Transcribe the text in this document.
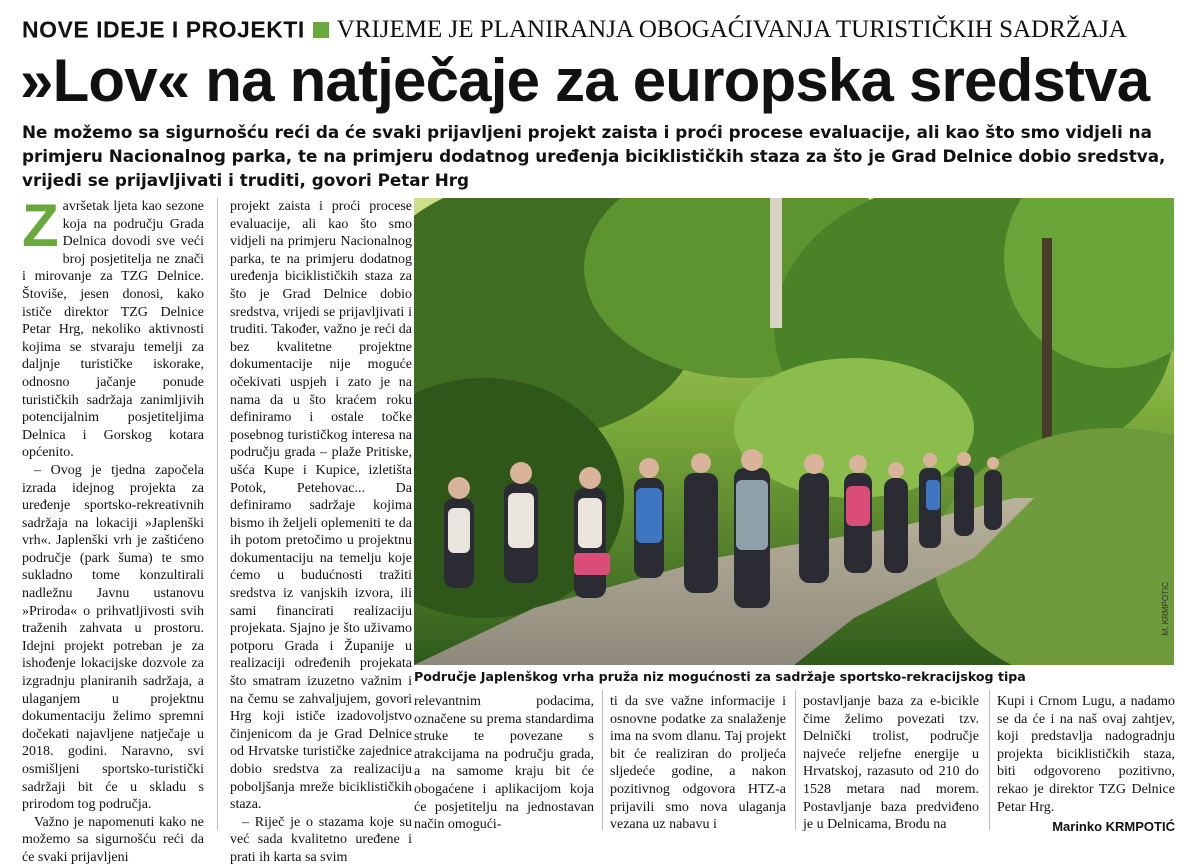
NOVE IDEJE I PROJEKTI VRIJEME JE PLANIRANJA OBOGAĆIVANJA TURISTIČKIH SADRŽAJA
»Lov« na natječaje za europska sredstva
Ne možemo sa sigurnošću reći da će svaki prijavljeni projekt zaista i proći procese evaluacije, ali kao što smo vidjeli na primjeru Nacionalnog parka, te na primjeru dodatnog uređenja biciklističkih staza za što je Grad Delnice dobio sredstva, vrijedi se prijavljivati i truditi, govori Petar Hrg

Završetak ljeta kao sezone koja na području Grada Delnica dovodi sve veći broj posjetitelja ne znači i mirovanje za TZG Delnice. Štoviše, jesen donosi, kako ističe direktor TZG Delnice Petar Hrg, nekoliko aktivnosti kojima se stvaraju temelji za daljnje turističke iskorake, odnosno jačanje ponude turističkih sadržaja zanimljivih potencijalnim posjetiteljima Delnica i Gorskog kotara općenito.

– Ovog je tjedna započela izrada idejnog projekta za uređenje sportsko-rekreativnih sadržaja na lokaciji »Japlenški vrh«. Japlenški vrh je zaštićeno područje (park šuma) te smo sukladno tome konzultirali nadležnu Javnu ustanovu »Priroda« o prihvatljivosti svih traženih zahvata u prostoru. Idejni projekt potreban je za ishođenje lokacijske dozvole za izgradnju planiranih sadržaja, a ulaganjem u projektnu dokumentaciju želimo spremni dočekati najavljene natječaje u 2018. godini. Naravno, svi osmišljeni sportsko-turistički sadržaji bit će u skladu s prirodom tog područja.

Važno je napomenuti kako ne možemo sa sigurnošću reći da će svaki prijavljeni

projekt zaista i proći procese evaluacije, ali kao što smo vidjeli na primjeru Nacionalnog parka, te na primjeru dodatnog uređenja biciklističkih staza za što je Grad Delnice dobio sredstva, vrijedi se prijavljivati i truditi. Također, važno je reći da bez kvalitetne projektne dokumentacije nije moguće očekivati uspjeh i zato je na nama da u što kraćem roku definiramo i ostale točke posebnog turističkog interesa na području grada – plaže Pritiske, ušća Kupe i Kupice, izletišta Potok, Petehovac... Da definiramo sadržaje kojima bismo ih željeli oplemeniti te da ih potom pretočimo u projektnu dokumentaciju na temelju koje ćemo u budućnosti tražiti sredstva iz vanjskih izvora, ili sami financirati realizaciju projekata. Sjajno je što uživamo potporu Grada i Županije u realizaciji određenih projekata što smatram izuzetno važnim i na čemu se zahvaljujem, govori Hrg koji ističe izadovoljstvo činjenicom da je Grad Delnice od Hrvatske turističke zajednice dobio sredstva za realizaciju poboljšanja mreže biciklističkih staza.

– Riječ je o stazama koje su već sada kvalitetno uređene i prati ih karta sa svim

M. KRMPOTIĆ
Područje Japlenškog vrha pruža niz mogućnosti za sadržaje sportsko-rekracijskog tipa

relevantnim podacima, označene su prema standardima struke te povezane s atrakcijama na području grada, a na samome kraju bit će obogaćene i aplikacijom koja će posjetitelju na jednostavan način omogući-

ti da sve važne informacije i osnovne podatke za snalaženje ima na svom dlanu. Taj projekt bit će realiziran do proljeća sljedeće godine, a nakon pozitivnog odgovora HTZ-a prijavili smo nova ulaganja vezana uz nabavu i

postavljanje baza za e-bicikle čime želimo povezati tzv. Delnički trolist, područje najveće reljefne energije u Hrvatskoj, razasuto od 210 do 1528 metara nad morem. Postavljanje baza predviđeno je u Delnicama, Brodu na

Kupi i Crnom Lugu, a nadamo se da će i na naš ovaj zahtjev, koji predstavlja nadogradnju projekta biciklističkih staza, biti odgovoreno pozitivno, rekao je direktor TZG Delnice Petar Hrg.

Marinko KRMPOTIĆ
